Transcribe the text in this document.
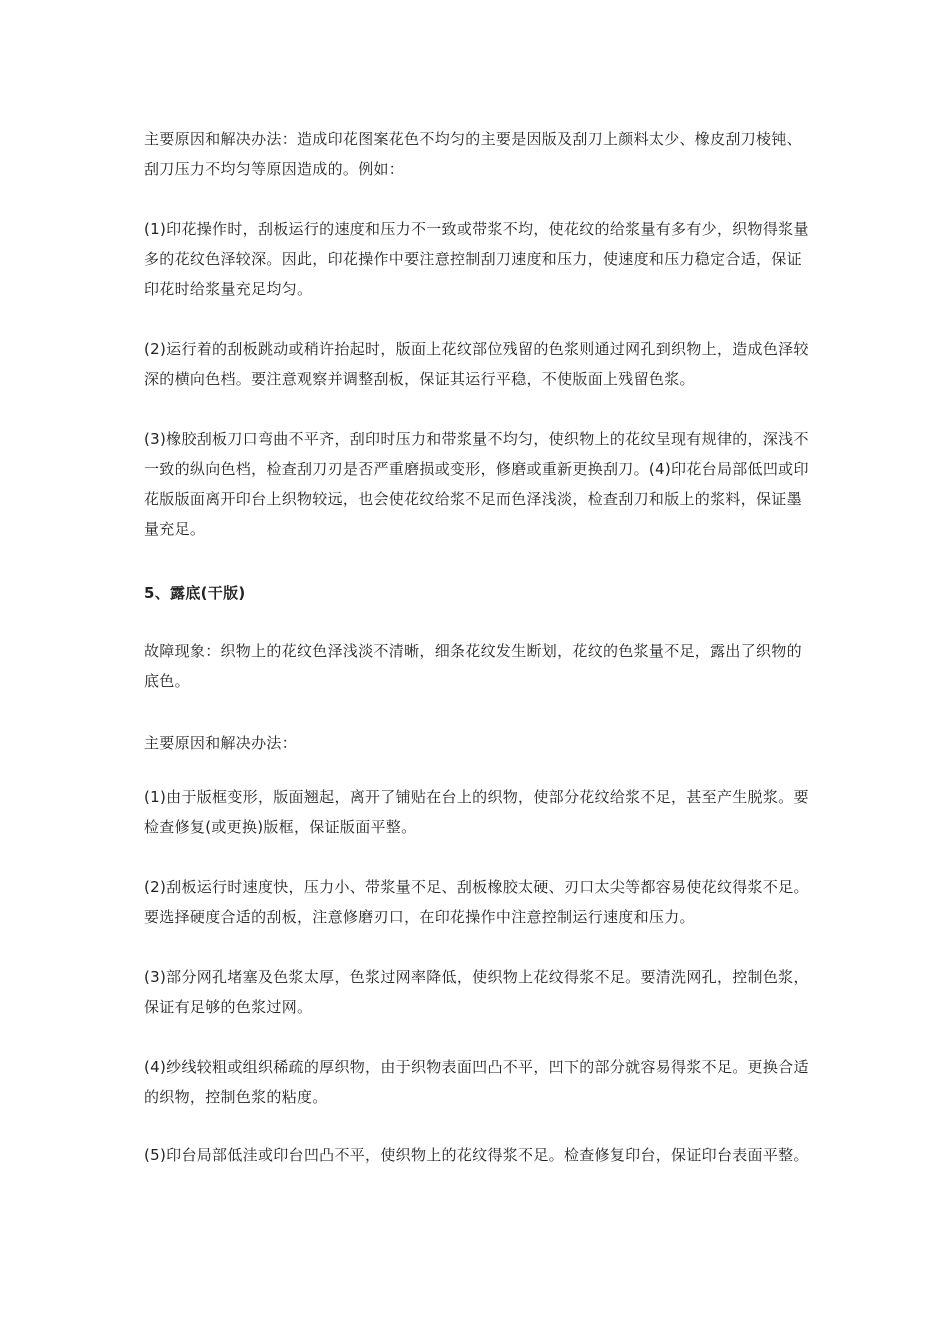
主要原因和解决办法：造成印花图案花色不均匀的主要是因版及刮刀上颜料太少、橡皮刮刀棱钝、刮刀压力不均匀等原因造成的。例如：

(1)印花操作时，刮板运行的速度和压力不一致或带浆不均，使花纹的给浆量有多有少，织物得浆量多的花纹色泽较深。因此，印花操作中要注意控制刮刀速度和压力，使速度和压力稳定合适，保证印花时给浆量充足均匀。

(2)运行着的刮板跳动或稍许抬起时，版面上花纹部位残留的色浆则通过网孔到织物上，造成色泽较深的横向色档。要注意观察并调整刮板，保证其运行平稳，不使版面上残留色浆。

(3)橡胶刮板刀口弯曲不平齐，刮印时压力和带浆量不均匀，使织物上的花纹呈现有规律的，深浅不一致的纵向色档，检查刮刀刃是否严重磨损或变形，修磨或重新更换刮刀。(4)印花台局部低凹或印花版版面离开印台上织物较远，也会使花纹给浆不足而色泽浅淡，检查刮刀和版上的浆料，保证墨量充足。

5、露底(干版)

故障现象：织物上的花纹色泽浅淡不清晰，细条花纹发生断划，花纹的色浆量不足，露出了织物的底色。

主要原因和解决办法：

(1)由于版框变形，版面翘起，离开了铺贴在台上的织物，使部分花纹给浆不足，甚至产生脱浆。要检查修复(或更换)版框，保证版面平整。

(2)刮板运行时速度快，压力小、带浆量不足、刮板橡胶太硬、刃口太尖等都容易使花纹得浆不足。要选择硬度合适的刮板，注意修磨刃口，在印花操作中注意控制运行速度和压力。

(3)部分网孔堵塞及色浆太厚，色浆过网率降低，使织物上花纹得浆不足。要清洗网孔，控制色浆，保证有足够的色浆过网。

(4)纱线较粗或组织稀疏的厚织物，由于织物表面凹凸不平，凹下的部分就容易得浆不足。更换合适的织物，控制色浆的粘度。

(5)印台局部低洼或印台凹凸不平，使织物上的花纹得浆不足。检查修复印台，保证印台表面平整。
